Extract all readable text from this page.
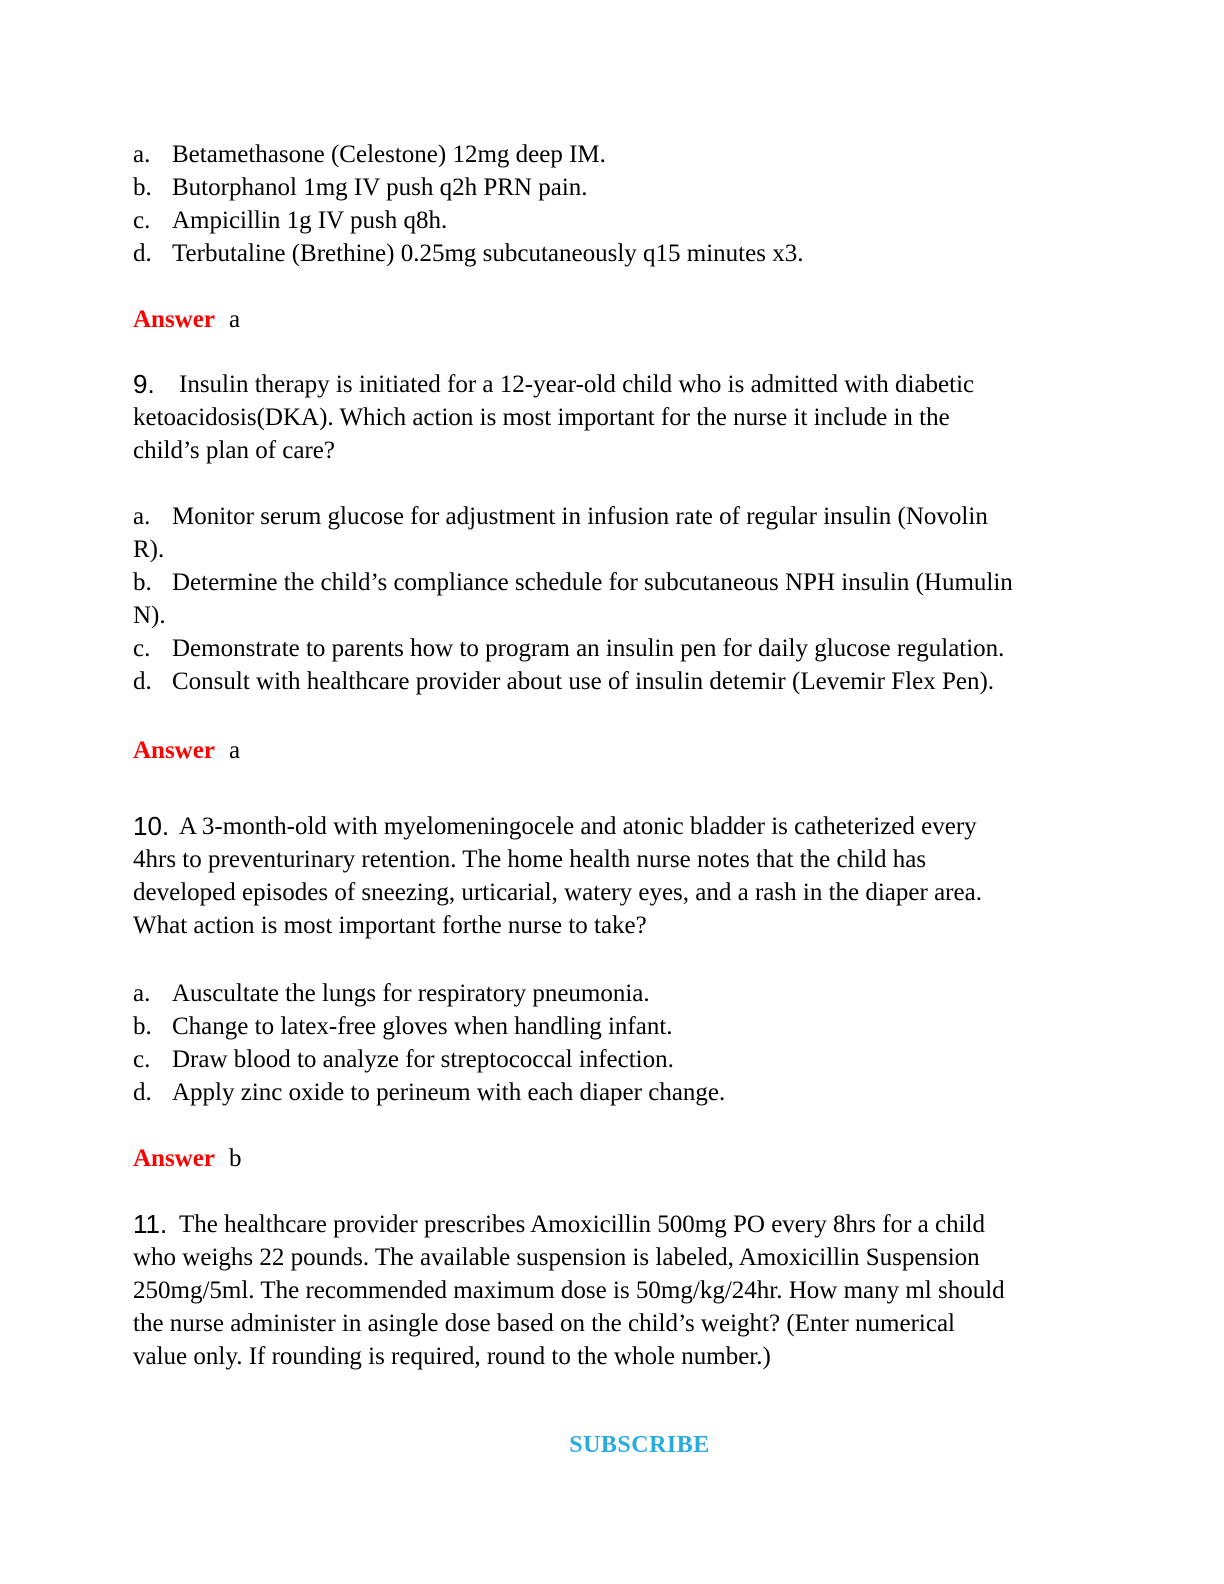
a. Betamethasone (Celestone) 12mg deep IM.
b. Butorphanol 1mg IV push q2h PRN pain.
c. Ampicillin 1g IV push q8h.
d. Terbutaline (Brethine) 0.25mg subcutaneously q15 minutes x3.
Answer a
9. Insulin therapy is initiated for a 12-year-old child who is admitted with diabetic
ketoacidosis(DKA). Which action is most important for the nurse it include in the
child’s plan of care?
a. Monitor serum glucose for adjustment in infusion rate of regular insulin (Novolin
R).
b. Determine the child’s compliance schedule for subcutaneous NPH insulin (Humulin
N).
c. Demonstrate to parents how to program an insulin pen for daily glucose regulation.
d. Consult with healthcare provider about use of insulin detemir (Levemir Flex Pen).
Answer a
10. A 3-month-old with myelomeningocele and atonic bladder is catheterized every
4hrs to preventurinary retention. The home health nurse notes that the child has
developed episodes of sneezing, urticarial, watery eyes, and a rash in the diaper area.
What action is most important forthe nurse to take?
a. Auscultate the lungs for respiratory pneumonia.
b. Change to latex-free gloves when handling infant.
c. Draw blood to analyze for streptococcal infection.
d. Apply zinc oxide to perineum with each diaper change.
Answer b
11. The healthcare provider prescribes Amoxicillin 500mg PO every 8hrs for a child
who weighs 22 pounds. The available suspension is labeled, Amoxicillin Suspension
250mg/5ml. The recommended maximum dose is 50mg/kg/24hr. How many ml should
the nurse administer in asingle dose based on the child’s weight? (Enter numerical
value only. If rounding is required, round to the whole number.)
SUBSCRIBE
